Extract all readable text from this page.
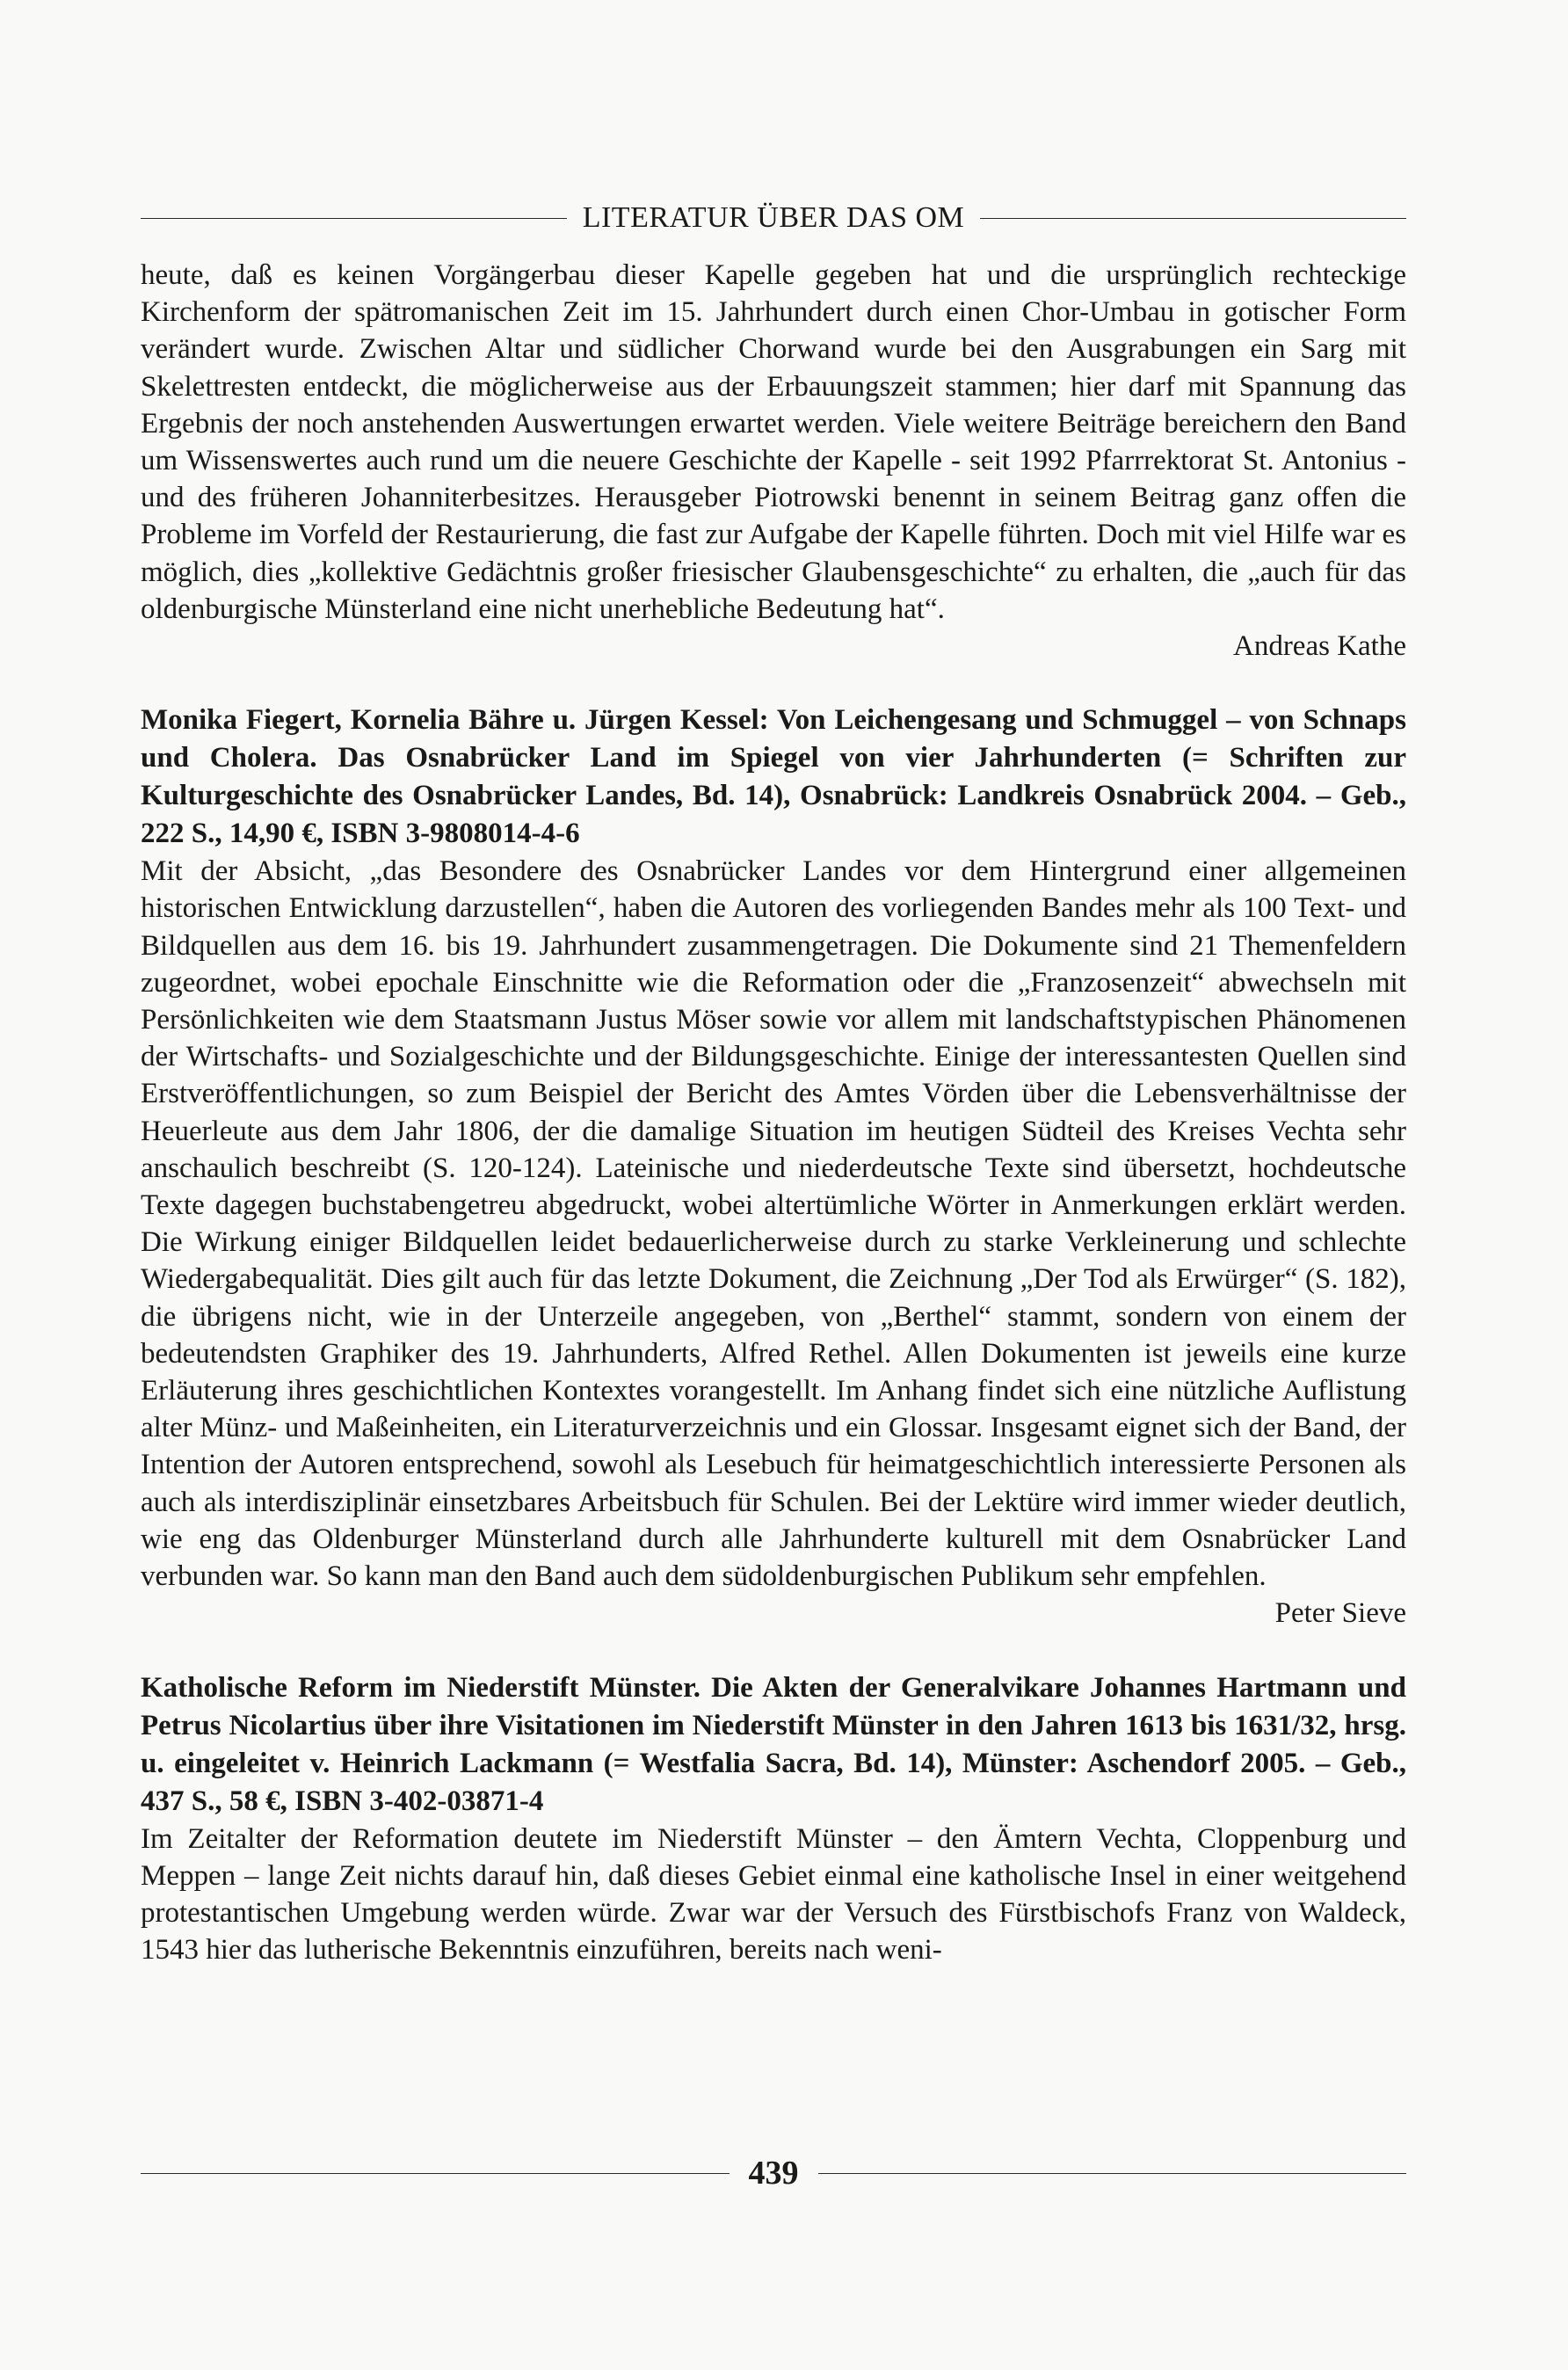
LITERATUR ÜBER DAS OM

heute, daß es keinen Vorgängerbau dieser Kapelle gegeben hat und die ursprünglich rechteckige Kirchenform der spätromanischen Zeit im 15. Jahrhundert durch einen Chor-Umbau in gotischer Form verändert wurde. Zwischen Altar und südlicher Chorwand wurde bei den Ausgrabungen ein Sarg mit Skelettresten entdeckt, die möglicherweise aus der Erbauungszeit stammen; hier darf mit Spannung das Ergebnis der noch anstehenden Auswertungen erwartet werden. Viele weitere Beiträge bereichern den Band um Wissenswertes auch rund um die neuere Geschichte der Kapelle - seit 1992 Pfarrrektorat St. Antonius - und des früheren Johanniterbesitzes. Herausgeber Piotrowski benennt in seinem Beitrag ganz offen die Probleme im Vorfeld der Restaurierung, die fast zur Aufgabe der Kapelle führten. Doch mit viel Hilfe war es möglich, dies „kollektive Gedächtnis großer friesischer Glaubensgeschichte“ zu erhalten, die „auch für das oldenburgische Münsterland eine nicht unerhebliche Bedeutung hat“.

Andreas Kathe

Monika Fiegert, Kornelia Bähre u. Jürgen Kessel: Von Leichengesang und Schmuggel – von Schnaps und Cholera. Das Osnabrücker Land im Spiegel von vier Jahrhunderten (= Schriften zur Kulturgeschichte des Osnabrücker Landes, Bd. 14), Osnabrück: Landkreis Osnabrück 2004. – Geb., 222 S., 14,90 €, ISBN 3-9808014-4-6

Mit der Absicht, „das Besondere des Osnabrücker Landes vor dem Hintergrund einer allgemeinen historischen Entwicklung darzustellen“, haben die Autoren des vorliegenden Bandes mehr als 100 Text- und Bildquellen aus dem 16. bis 19. Jahrhundert zusammengetragen. Die Dokumente sind 21 Themenfeldern zugeordnet, wobei epochale Einschnitte wie die Reformation oder die „Franzosenzeit“ abwechseln mit Persönlichkeiten wie dem Staatsmann Justus Möser sowie vor allem mit landschaftstypischen Phänomenen der Wirtschafts- und Sozialgeschichte und der Bildungsgeschichte. Einige der interessantesten Quellen sind Erstveröffentlichungen, so zum Beispiel der Bericht des Amtes Vörden über die Lebensverhältnisse der Heuerleute aus dem Jahr 1806, der die damalige Situation im heutigen Südteil des Kreises Vechta sehr anschaulich beschreibt (S. 120-124). Lateinische und niederdeutsche Texte sind übersetzt, hochdeutsche Texte dagegen buchstabengetreu abgedruckt, wobei altertümliche Wörter in Anmerkungen erklärt werden. Die Wirkung einiger Bildquellen leidet bedauerlicherweise durch zu starke Verkleinerung und schlechte Wiedergabequalität. Dies gilt auch für das letzte Dokument, die Zeichnung „Der Tod als Erwürger“ (S. 182), die übrigens nicht, wie in der Unterzeile angegeben, von „Berthel“ stammt, sondern von einem der bedeutendsten Graphiker des 19. Jahrhunderts, Alfred Rethel. Allen Dokumenten ist jeweils eine kurze Erläuterung ihres geschichtlichen Kontextes vorangestellt. Im Anhang findet sich eine nützliche Auflistung alter Münz- und Maßeinheiten, ein Literaturverzeichnis und ein Glossar. Insgesamt eignet sich der Band, der Intention der Autoren entsprechend, sowohl als Lesebuch für heimatgeschichtlich interessierte Personen als auch als interdisziplinär einsetzbares Arbeitsbuch für Schulen. Bei der Lektüre wird immer wieder deutlich, wie eng das Oldenburger Münsterland durch alle Jahrhunderte kulturell mit dem Osnabrücker Land verbunden war. So kann man den Band auch dem südoldenburgischen Publikum sehr empfehlen.

Peter Sieve

Katholische Reform im Niederstift Münster. Die Akten der Generalvikare Johannes Hartmann und Petrus Nicolartius über ihre Visitationen im Niederstift Münster in den Jahren 1613 bis 1631/32, hrsg. u. eingeleitet v. Heinrich Lackmann (= Westfalia Sacra, Bd. 14), Münster: Aschendorf 2005. – Geb., 437 S., 58 €, ISBN 3-402-03871-4

Im Zeitalter der Reformation deutete im Niederstift Münster – den Ämtern Vechta, Cloppenburg und Meppen – lange Zeit nichts darauf hin, daß dieses Gebiet einmal eine katholische Insel in einer weitgehend protestantischen Umgebung werden würde. Zwar war der Versuch des Fürstbischofs Franz von Waldeck, 1543 hier das lutherische Bekenntnis einzuführen, bereits nach weni-

439
